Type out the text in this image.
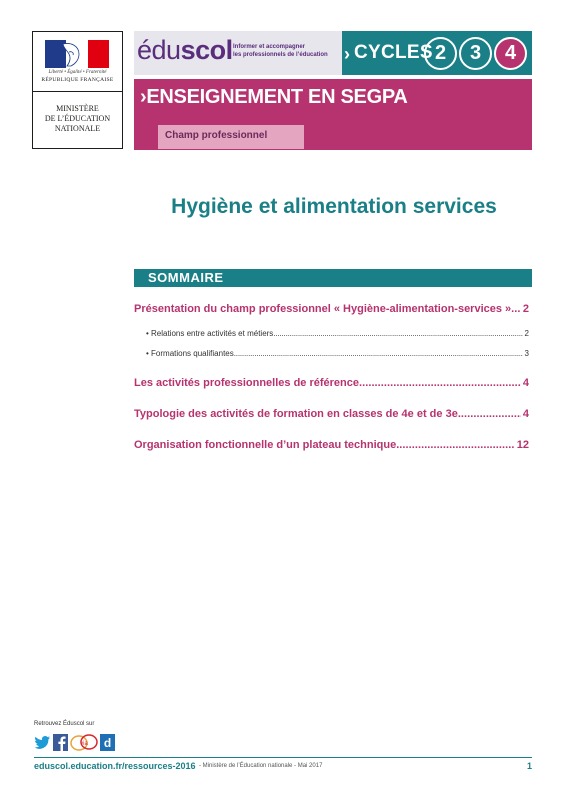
Liberté • Égalité • Fraternité
RÉPUBLIQUE FRANÇAISE
MINISTÈRE
DE L’ÉDUCATION
NATIONALE
éduscol Informer et accompagner
les professionnels de l’éducation › CYCLES 2	3	4
›ENSEIGNEMENT EN SEGPA
Champ professionnel
Hygiène et alimentation services
SOMMAIRE
Présentation du champ professionnel « Hygiène-alimentation-services » . . . 2
• Relations entre activités et métiers . . .	2
• Formations qualifiantes . . .	3
Les activités professionnelles de référence . . .	4
Typologie des activités de formation en classes de 4e et de 3e . . .	4
Organisation fonctionnelle d’un plateau technique . . .	12
Retrouvez Éduscol sur
via d
eduscol.education.fr/ressources-2016 - Ministère de l’Éducation nationale - Mai 2017	1
